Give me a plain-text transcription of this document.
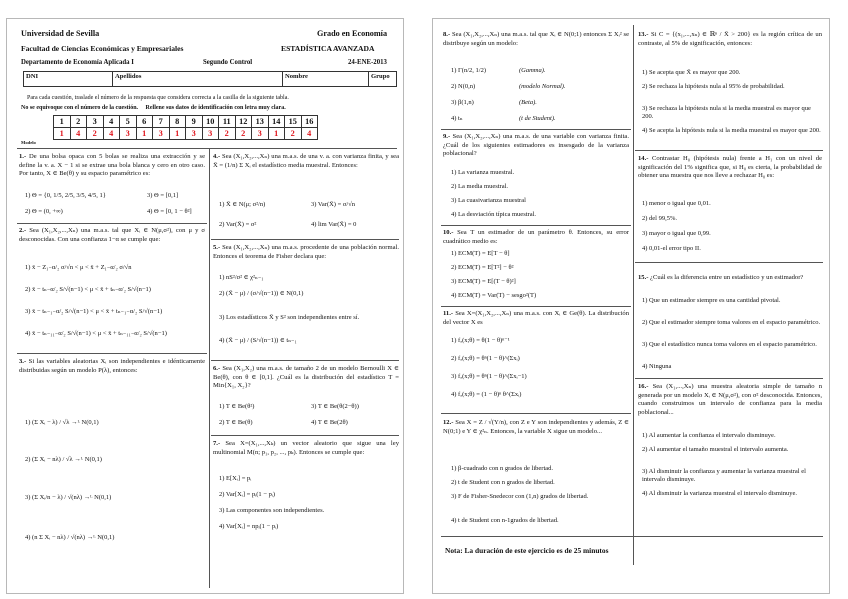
Universidad de Sevilla	Grado en Economía
Facultad de Ciencias Económicas y Empresariales	ESTADÍSTICA AVANZADA
Departamento de Economía Aplicada I	Segundo Control	24-ENE-2013
DNI	Apellidos	Nombre	Grupo
Para cada cuestión, traslade el número de la respuesta que considera correcta a la casilla de la siguiente tabla.
No se equivoque con el número de la cuestión.     Rellene sus datos de identificación con letra muy clara.
1	2	3	4	5	6	7	8	9	10	11	12	13	14	15	16
1	4	2	4	3	1	3	1	3	3	2	2	3	1	2	4
Modelo
1.- De una bolsa opaca con 5 bolas se realiza una extracción y se define la v. a. X − 1 si se extrae una bola blanca y cero en otro caso. Por tanto, X ∈ Be(θ) y su espacio paramétrico es:
1) Θ = {0, 1/5, 2/5, 3/5, 4/5, 1}	3) Θ = [0,1]
2) Θ = (0, +∞)	4) Θ = [0, 1 − θ²]
2.- Sea (X₁,X₂,...,Xₙ) una m.a.s. tal que Xᵢ ∈ N(μ,σ²), con μ y σ desconocidas. Con una confianza 1−α se cumple que:
1) x̄ − Z₁₋α/₂ σ/√n < μ < x̄ + Z₁₋α/₂ σ/√n
2) x̄ − tₙ₋α/₂ S/√(n−1) < μ < x̄ + tₙ₋α/₂ S/√(n−1)
3) x̄ − tₙ₋₁₋α/₂ S/√(n−1) < μ < x̄ + tₙ₋₁₋α/₂ S/√(n−1)
4) x̄ − tₙ₋₁₁₋α/₂ S/√(n−1) < μ < x̄ + tₙ₋₁₁₋α/₂ S/√(n−1)
3.- Si las variables aleatorias Xᵢ son independientes e idénticamente distribuidas según un modelo P(λ), entonces:
1) (Σ Xᵢ − λ) / √λ →ᴸ N(0,1)
2) (Σ Xᵢ − nλ) / √λ →ᴸ N(0,1)
3) (Σ Xᵢ/n − λ) / √(nλ) →ᴸ N(0,1)
4) (n Σ Xᵢ − nλ) / √(nλ) →ᴸ N(0,1)
4.- Sea (X₁,X₂,...,Xₙ) una m.a.s. de una v. a. con varianza finita, y sea X̄ = (1/n) Σ Xᵢ el estadístico media muestral. Entonces:
1) X̄ ∈ N(μ; σ²/n)	3) Var(X̄) = σ/√n
2) Var(X̄) = σ²	4) lim Var(X̄) = 0
5.- Sea (X₁,X₂,...,Xₙ) una m.a.s. procedente de una población normal. Entonces el teorema de Fisher declara que:
1) nS²/σ² ∈ χ²ₙ₋₁
2) (X̄ − μ) / (σ/√(n−1)) ∈ N(0,1)
3) Los estadísticos X̄ y S² son independientes entre sí.
4) (X̄ − μ) / (S/√(n−1)) ∈ tₙ₋₁
6.- Sea (X₁,X₂) una m.a.s. de tamaño 2 de un modelo Bernoulli X ∈ Be(θ), con θ ∈ [0,1]. ¿Cuál es la distribución del estadístico T = Min{X₁, X₂}?
1) T ∈ Be(θ²)	3) T ∈ Be(θ(2−θ))
2) T ∈ Be(θ)	4) T ∈ Be(2θ)
7.- Sea X=(X₁,...,Xₖ) un vector aleatorio que sigue una ley multinomial M(n; p₁, p₂, ..., pₖ). Entonces se cumple que:
1) E[Xᵢ] = pᵢ
2) Var[Xᵢ] = pᵢ(1 − pᵢ)
3) Las componentes son independientes.
4) Var[Xᵢ] = npᵢ(1 − pᵢ)
8.- Sea (X₁,X₂,...,Xₙ) una m.a.s. tal que Xᵢ ∈ N(0;1) entonces Σ Xᵢ² se distribuye según un modelo:
1) Γ(n/2, 1/2)	(Gamma).
2) N(0,n)	(modelo Normal).
3) β(1,n)	(Beta).
4) tₙ	(t de Student).
9.- Sea (X₁,X₂,...,Xₙ) una m.a.s. de una variable con varianza finita. ¿Cuál de los siguientes estimadores es insesgado de la varianza poblacional?
1) La varianza muestral.
2) La media muestral.
3) La cuasivarianza muestral
4) La desviación típica muestral.
10.- Sea T un estimador de un parámetro θ. Entonces, su error cuadrático medio es:
1) ECM(T) = E[T − θ]
2) ECM(T) = E[T²] − θ²
3) ECM(T) = E[(T − θ)²]
4) ECM(T) = Var(T) − sesgo²(T)
11.- Sea X=(X₁,X₂,...,Xₙ) una m.a.s. con Xᵢ ∈ Ge(θ). La distribución del vector X es
1) fₓ(x;θ) = θ(1 − θ)ⁿ⁻¹
2) fₓ(x;θ) = θⁿ(1 − θ)^(Σxᵢ)
3) fₓ(x;θ) = θⁿ(1 − θ)^(Σxᵢ−1)
4) fₓ(x;θ) = (1 − θ)ⁿ θ^(Σxᵢ)
12.- Sea X = Z / √(Y/n), con Z e Y son independientes y además, Z ∈ N(0;1) e Y ∈ χ²ₙ. Entonces, la variable X sigue un modelo...
1) β-cuadrado con n grados de libertad.
2) t de Student con n grados de libertad.
3) F de Fisher-Snedecor con (1,n) grados de libertad.
4) t de Student con n-1grados de libertad.
Nota: La duración de este ejercicio es de 25 minutos
13.- Si C = {(x₁,...,xₙ) ∈ ℝⁿ / X̄ > 200} es la región crítica de un contraste, al 5% de significación, entonces:
1) Se acepta que X̄ es mayor que 200.
2) Se rechaza la hipótesis nula al 95% de probabilidad.
3) Se rechaza la hipótesis nula si la media muestral es mayor que 200.
4) Se acepta la hipótesis nula si la media muestral es mayor que 200.
14.- Contrastar H₀ (hipótesis nula) frente a H₁ con un nivel de significación del 1% significa que, si H₀ es cierta, la probabilidad de obtener una muestra que nos lleve a rechazar H₀ es:
1) menor o igual que 0,01.
2) del 99,5%.
3) mayor o igual que 0,99.
4) 0,01-el error tipo II.
15.- ¿Cuál es la diferencia entre un estadístico y un estimador?
1) Que un estimador siempre es una cantidad pivotal.
2) Que el estimador siempre toma valores en el espacio paramétrico.
3) Que el estadístico nunca toma valores en el espacio paramétrico.
4) Ninguna
16.- Sea (X₁,...,Xₙ) una muestra aleatoria simple de tamaño n generada por un modelo Xᵢ ∈ N(μ,σ²), con σ² desconocida. Entonces, cuando construimos un intervalo de confianza para la media poblacional...
1) Al aumentar la confianza el intervalo disminuye.
2) Al aumentar el tamaño muestral el intervalo aumenta.
3) Al disminuir la confianza y aumentar la varianza muestral el intervalo disminuye.
4) Al disminuir la varianza muestral el intervalo disminuye.
